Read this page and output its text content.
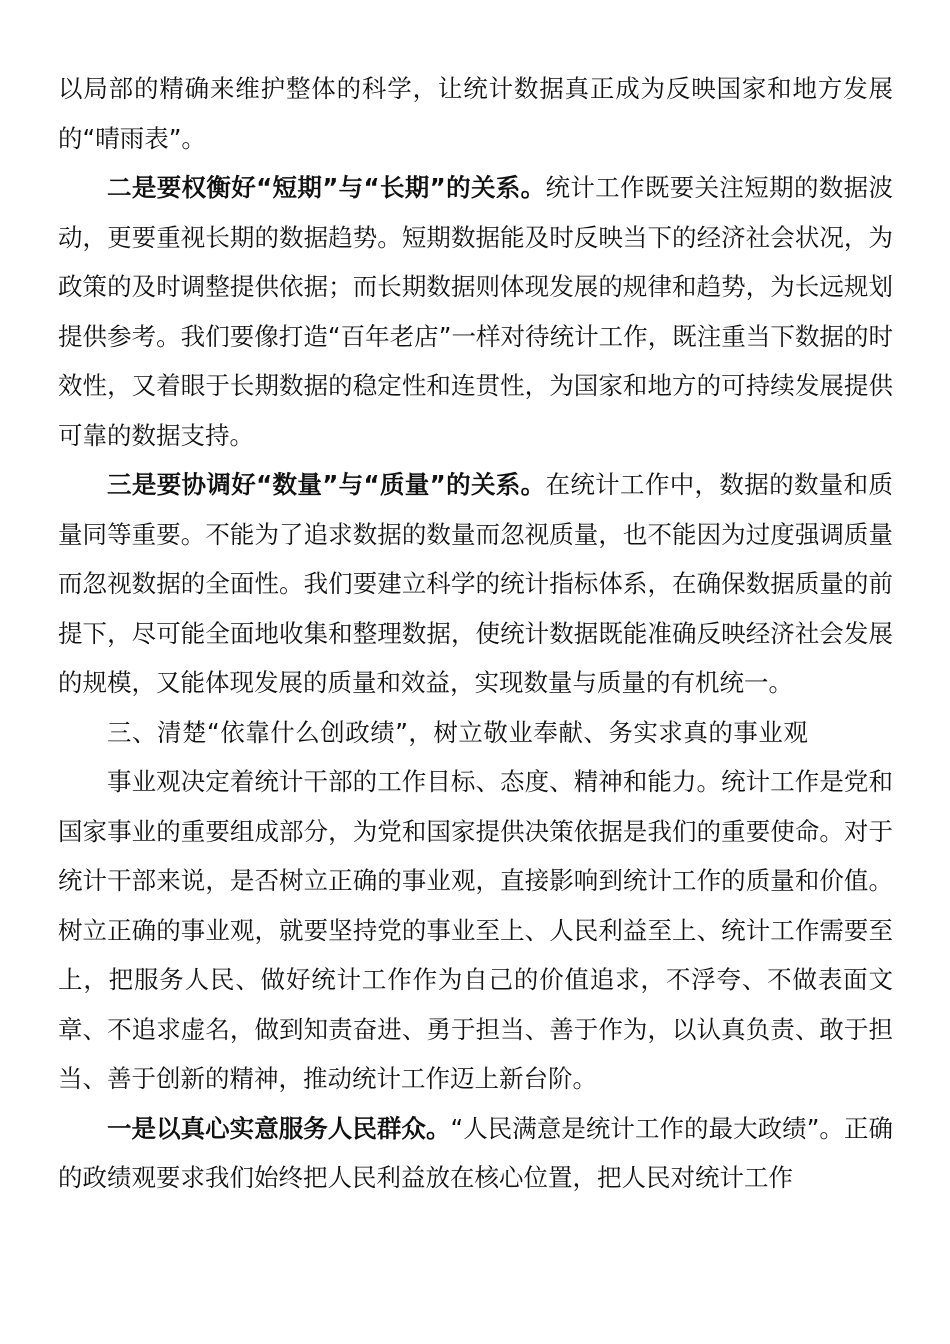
以局部的精确来维护整体的科学，让统计数据真正成为反映国家和地方发展的“晴雨表”。

二是要权衡好“短期”与“长期”的关系。统计工作既要关注短期的数据波动，更要重视长期的数据趋势。短期数据能及时反映当下的经济社会状况，为政策的及时调整提供依据；而长期数据则体现发展的规律和趋势，为长远规划提供参考。我们要像打造“百年老店”一样对待统计工作，既注重当下数据的时效性，又着眼于长期数据的稳定性和连贯性，为国家和地方的可持续发展提供可靠的数据支持。

三是要协调好“数量”与“质量”的关系。在统计工作中，数据的数量和质量同等重要。不能为了追求数据的数量而忽视质量，也不能因为过度强调质量而忽视数据的全面性。我们要建立科学的统计指标体系，在确保数据质量的前提下，尽可能全面地收集和整理数据，使统计数据既能准确反映经济社会发展的规模，又能体现发展的质量和效益，实现数量与质量的有机统一。

三、清楚“依靠什么创政绩”，树立敬业奉献、务实求真的事业观

事业观决定着统计干部的工作目标、态度、精神和能力。统计工作是党和国家事业的重要组成部分，为党和国家提供决策依据是我们的重要使命。对于统计干部来说，是否树立正确的事业观，直接影响到统计工作的质量和价值。树立正确的事业观，就要坚持党的事业至上、人民利益至上、统计工作需要至上，把服务人民、做好统计工作作为自己的价值追求，不浮夸、不做表面文章、不追求虚名，做到知责奋进、勇于担当、善于作为，以认真负责、敢于担当、善于创新的精神，推动统计工作迈上新台阶。

一是以真心实意服务人民群众。“人民满意是统计工作的最大政绩”。正确的政绩观要求我们始终把人民利益放在核心位置，把人民对统计工作
